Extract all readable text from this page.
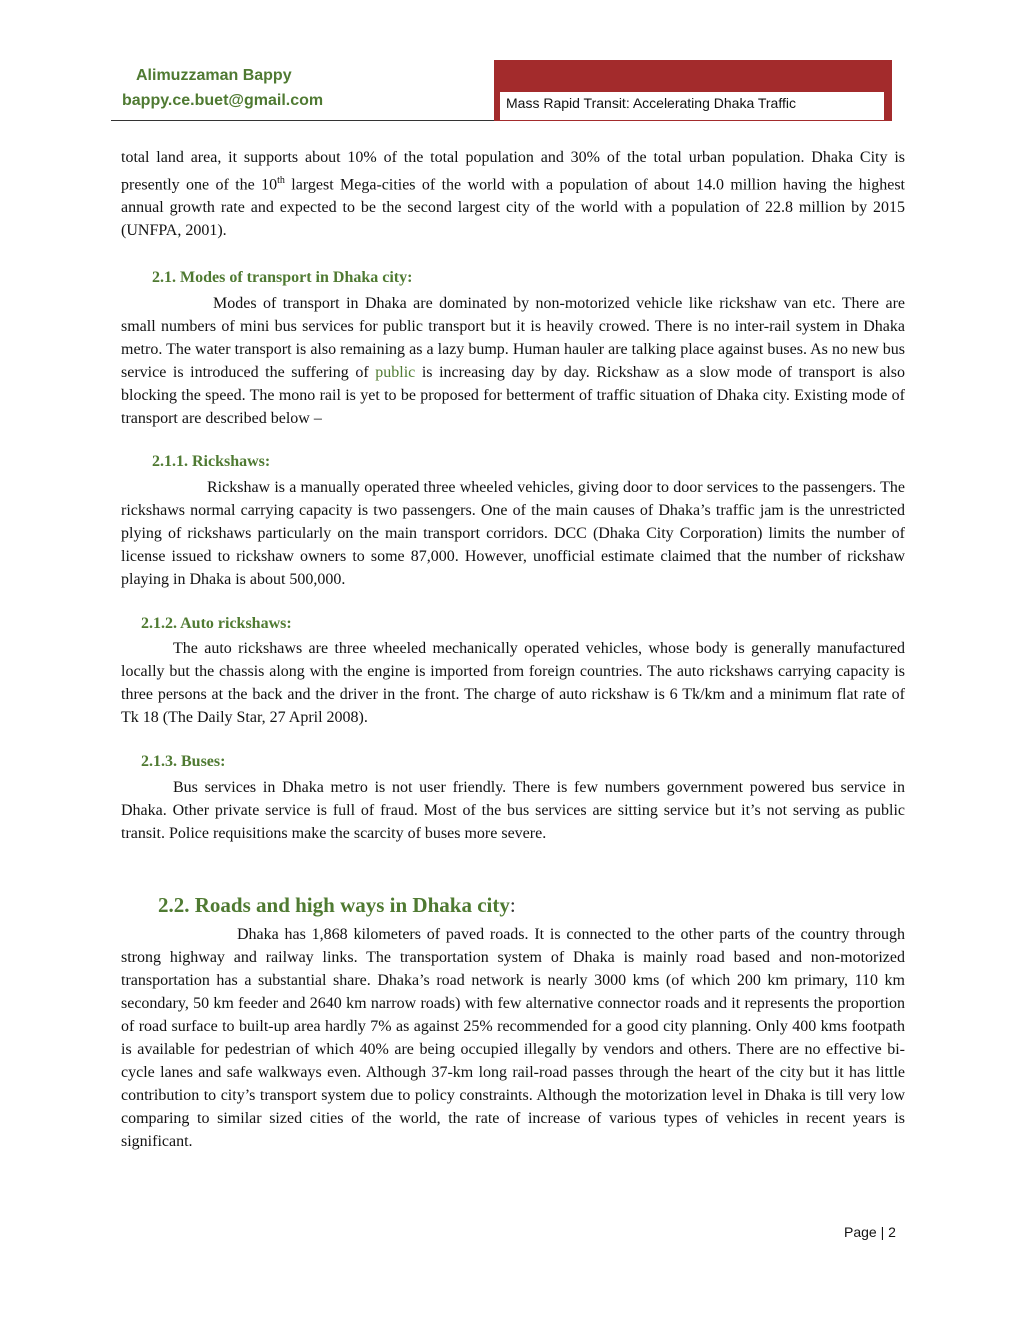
Alimuzzaman Bappy
bappy.ce.buet@gmail.com	Mass Rapid Transit: Accelerating Dhaka Traffic

total land area, it supports about 10% of the total population and 30% of the total urban population. Dhaka City is presently one of the 10th largest Mega-cities of the world with a population of about 14.0 million having the highest annual growth rate and expected to be the second largest city of the world with a population of 22.8 million by 2015 (UNFPA, 2001).

2.1. Modes of transport in Dhaka city:

Modes of transport in Dhaka are dominated by non-motorized vehicle like rickshaw van etc. There are small numbers of mini bus services for public transport but it is heavily crowed. There is no inter-rail system in Dhaka metro. The water transport is also remaining as a lazy bump. Human hauler are talking place against buses. As no new bus service is introduced the suffering of public is increasing day by day. Rickshaw as a slow mode of transport is also blocking the speed. The mono rail is yet to be proposed for betterment of traffic situation of Dhaka city. Existing mode of transport are described below –

2.1.1. Rickshaws:

Rickshaw is a manually operated three wheeled vehicles, giving door to door services to the passengers. The rickshaws normal carrying capacity is two passengers. One of the main causes of Dhaka’s traffic jam is the unrestricted plying of rickshaws particularly on the main transport corridors. DCC (Dhaka City Corporation) limits the number of license issued to rickshaw owners to some 87,000. However, unofficial estimate claimed that the number of rickshaw playing in Dhaka is about 500,000.

2.1.2. Auto rickshaws:

The auto rickshaws are three wheeled mechanically operated vehicles, whose body is generally manufactured locally but the chassis along with the engine is imported from foreign countries. The auto rickshaws carrying capacity is three persons at the back and the driver in the front. The charge of auto rickshaw is 6 Tk/km and a minimum flat rate of Tk 18 (The Daily Star, 27 April 2008).

2.1.3. Buses:

Bus services in Dhaka metro is not user friendly. There is few numbers government powered bus service in Dhaka. Other private service is full of fraud. Most of the bus services are sitting service but it’s not serving as public transit. Police requisitions make the scarcity of buses more severe.

2.2. Roads and high ways in Dhaka city:

Dhaka has 1,868 kilometers of paved roads. It is connected to the other parts of the country through strong highway and railway links. The transportation system of Dhaka is mainly road based and non-motorized transportation has a substantial share. Dhaka’s road network is nearly 3000 kms (of which 200 km primary, 110 km secondary, 50 km feeder and 2640 km narrow roads) with few alternative connector roads and it represents the proportion of road surface to built-up area hardly 7% as against 25% recommended for a good city planning. Only 400 kms footpath is available for pedestrian of which 40% are being occupied illegally by vendors and others. There are no effective bi-cycle lanes and safe walkways even. Although 37-km long rail-road passes through the heart of the city but it has little contribution to city’s transport system due to policy constraints. Although the motorization level in Dhaka is till very low comparing to similar sized cities of the world, the rate of increase of various types of vehicles in recent years is significant.

Page | 2
